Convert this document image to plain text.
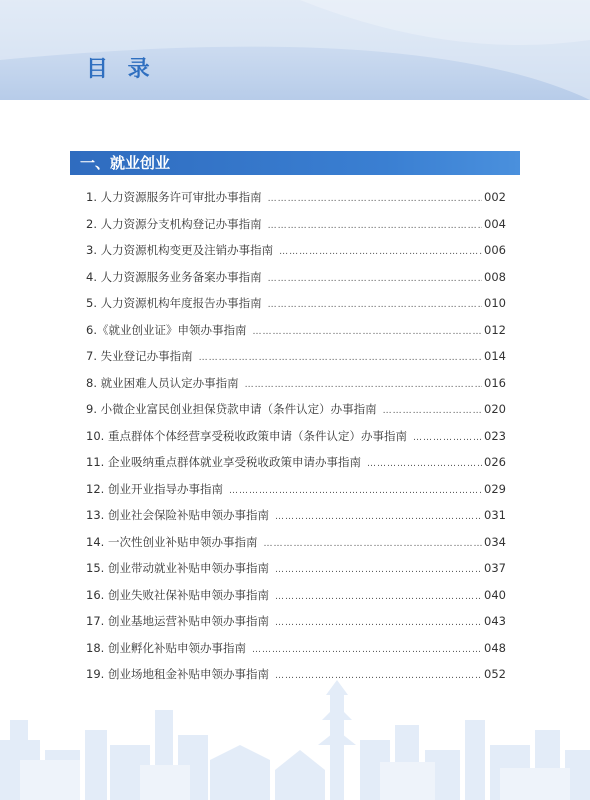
目 录
一、就业创业
1. 人力资源服务许可审批办事指南 …………………………………………………………………………………………………………………………………………………………	002
2. 人力资源分支机构登记办事指南 …………………………………………………………………………………………………………………………………………………………	004
3. 人力资源机构变更及注销办事指南 …………………………………………………………………………………………………………………………………………………………	006
4. 人力资源服务业务备案办事指南 …………………………………………………………………………………………………………………………………………………………	008
5. 人力资源机构年度报告办事指南 …………………………………………………………………………………………………………………………………………………………	010
6.《就业创业证》申领办事指南 …………………………………………………………………………………………………………………………………………………………	012
7. 失业登记办事指南 …………………………………………………………………………………………………………………………………………………………	014
8. 就业困难人员认定办事指南 …………………………………………………………………………………………………………………………………………………………	016
9. 小微企业富民创业担保贷款申请（条件认定）办事指南 …………………………………………………………………………………………………………………………………………………………	020
10. 重点群体个体经营享受税收政策申请（条件认定）办事指南 …………………………………………………………………………………………………………………………………………………………	023
11. 企业吸纳重点群体就业享受税收政策申请办事指南 …………………………………………………………………………………………………………………………………………………………	026
12. 创业开业指导办事指南 …………………………………………………………………………………………………………………………………………………………	029
13. 创业社会保险补贴申领办事指南 …………………………………………………………………………………………………………………………………………………………	031
14. 一次性创业补贴申领办事指南 …………………………………………………………………………………………………………………………………………………………	034
15. 创业带动就业补贴申领办事指南 …………………………………………………………………………………………………………………………………………………………	037
16. 创业失败社保补贴申领办事指南 …………………………………………………………………………………………………………………………………………………………	040
17. 创业基地运营补贴申领办事指南 …………………………………………………………………………………………………………………………………………………………	043
18. 创业孵化补贴申领办事指南 …………………………………………………………………………………………………………………………………………………………	048
19. 创业场地租金补贴申领办事指南 …………………………………………………………………………………………………………………………………………………………	052
